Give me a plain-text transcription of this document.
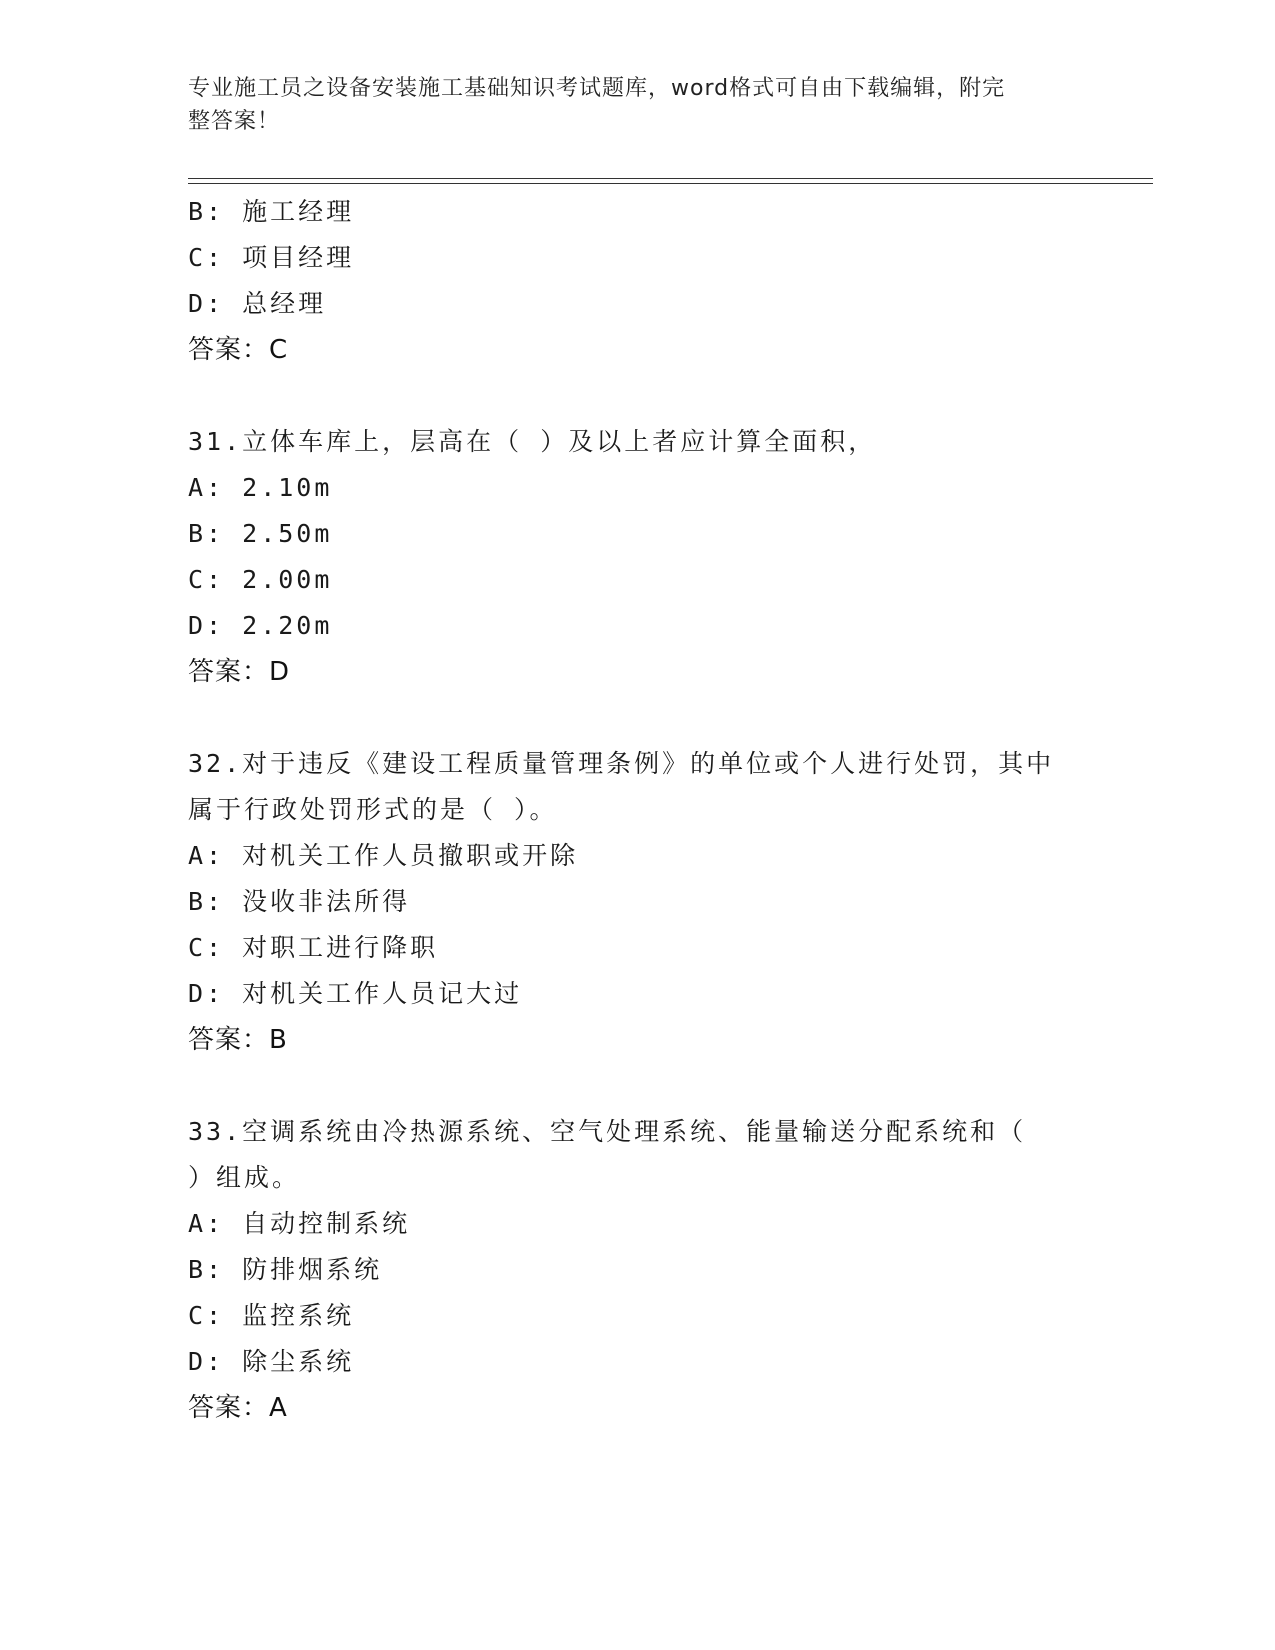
专业施工员之设备安装施工基础知识考试题库，word格式可自由下载编辑，附完
整答案！
B: 施工经理
C: 项目经理
D: 总经理
答案：C
31.立体车库上，层高在（ ）及以上者应计算全面积，
A: 2.10m
B: 2.50m
C: 2.00m
D: 2.20m
答案：D
32.对于违反《建设工程质量管理条例》的单位或个人进行处罚，其中
属于行政处罚形式的是（ ）。
A: 对机关工作人员撤职或开除
B: 没收非法所得
C: 对职工进行降职
D: 对机关工作人员记大过
答案：B
33.空调系统由冷热源系统、空气处理系统、能量输送分配系统和（
）组成。
A: 自动控制系统
B: 防排烟系统
C: 监控系统
D: 除尘系统
答案：A
